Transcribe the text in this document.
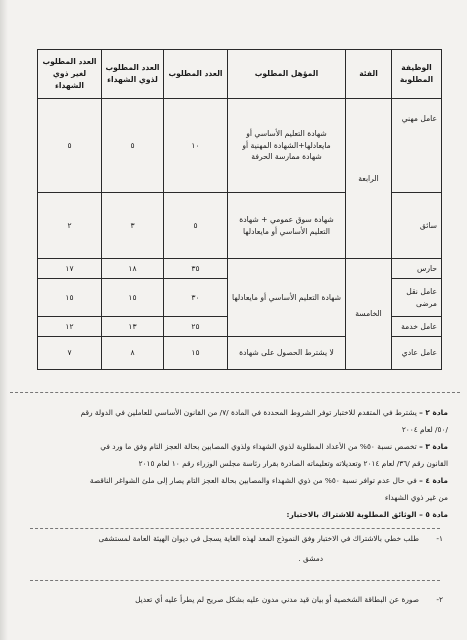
الوظيفة المطلوبة	الفئة	المؤهل المطلوب	العدد المطلوب	العدد المطلوب لذوي الشهداء	العدد المطلوب لغير ذوي الشهداء
عامل مهني	الرابعة	شهادة التعليم الأساسي أو مايعادلها+الشهادة المهنية أو شهادة ممارسة الحرفة	١٠	٥	٥
سائق		شهادة سوق عمومي + شهادة التعليم الأساسي أو مايعادلها	٥	٣	٢
حارس	الخامسة	شهادة التعليم الأساسي أو مايعادلها	٣٥	١٨	١٧
عامل نقل مرضى			٣٠	١٥	١٥
عامل خدمة			٢٥	١٣	١٢
عامل عادي		لا يشترط الحصول على شهادة	١٥	٨	٧

مادة ٢ – يشترط في المتقدم للاختبار توفر الشروط المحددة في المادة /٧/ من القانون الأساسي للعاملين في الدولة رقم

/٥٠/ لعام ٢٠٠٤

مادة ٣ – تخصص نسبة ٥٠% من الأعداد المطلوبة لذوي الشهداء ولذوي المصابين بحالة العجز التام وفق ما ورد في

القانون رقم /٣٦/ لعام ٢٠١٤ وتعديلاته وتعليماته الصادرة بقرار رئاسة مجلس الوزراء رقم ١٠ لعام ٢٠١٥

مادة ٤ – في حال عدم توافر نسبة ٥٠% من ذوي الشهداء والمصابين بحالة العجز التام يصار إلى ملئ الشواغر الناقصة

من غير ذوي الشهداء

مادة ٥ – الوثائق المطلوبة للاشتراك بالاختبار:

١-طلب خطي بالاشتراك في الاختبار وفق النموذج المعد لهذه الغاية يسجل في ديوان الهيئة العامة لمستشفى
دمشق .
٢-صورة عن البطاقة الشخصية أو بيان قيد مدني مدون عليه بشكل صريح لم يطرأ عليه أي تعديل
